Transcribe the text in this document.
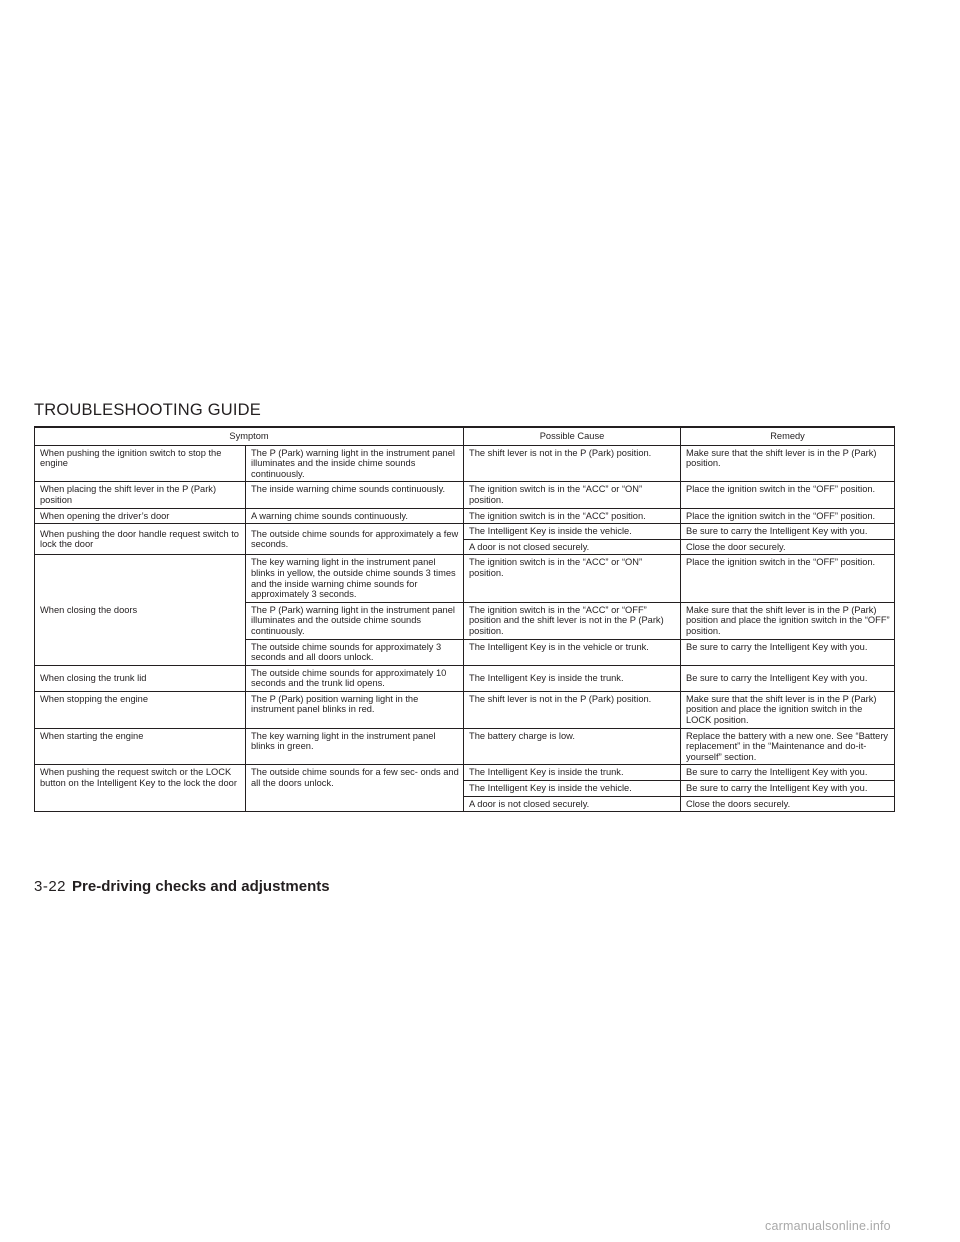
TROUBLESHOOTING GUIDE
Symptom		Possible Cause	Remedy
When pushing the ignition switch to stop the engine	The P (Park) warning light in the instrument panel illuminates and the inside chime sounds continuously.	The shift lever is not in the P (Park) position.	Make sure that the shift lever is in the P (Park) position.
When placing the shift lever in the P (Park) position	The inside warning chime sounds continuously.	The ignition switch is in the “ACC” or “ON” position.	Place the ignition switch in the “OFF” position.
When opening the driver’s door	A warning chime sounds continuously.	The ignition switch is in the “ACC” position.	Place the ignition switch in the “OFF” position.
When pushing the door handle request switch to lock the door	The outside chime sounds for approximately a few seconds.	The Intelligent Key is inside the vehicle.	Be sure to carry the Intelligent Key with you.
		A door is not closed securely.	Close the door securely.
When closing the doors	The key warning light in the instrument panel blinks in yellow, the outside chime sounds 3 times and the inside warning chime sounds for approximately 3 seconds.	The ignition switch is in the “ACC” or “ON” position.	Place the ignition switch in the “OFF” position.
	The P (Park) warning light in the instrument panel illuminates and the outside chime sounds continuously.	The ignition switch is in the “ACC” or “OFF” position and the shift lever is not in the P (Park) position.	Make sure that the shift lever is in the P (Park) position and place the ignition switch in the “OFF” position.
	The outside chime sounds for approximately 3 seconds and all doors unlock.	The Intelligent Key is in the vehicle or trunk.	Be sure to carry the Intelligent Key with you.
When closing the trunk lid	The outside chime sounds for approximately 10 seconds and the trunk lid opens.	The Intelligent Key is inside the trunk.	Be sure to carry the Intelligent Key with you.
When stopping the engine	The P (Park) position warning light in the instrument panel blinks in red.	The shift lever is not in the P (Park) position.	Make sure that the shift lever is in the P (Park) position and place the ignition switch in the LOCK position.
When starting the engine	The key warning light in the instrument panel blinks in green.	The battery charge is low.	Replace the battery with a new one. See “Battery replacement” in the “Maintenance and do-it-yourself” section.
When pushing the request switch or the LOCK button on the Intelligent Key to the lock the door	The outside chime sounds for a few sec- onds and all the doors unlock.	The Intelligent Key is inside the trunk.	Be sure to carry the Intelligent Key with you.
		The Intelligent Key is inside the vehicle.	Be sure to carry the Intelligent Key with you.
		A door is not closed securely.	Close the doors securely.
3-22 Pre-driving checks and adjustments
carmanualsonline.info
